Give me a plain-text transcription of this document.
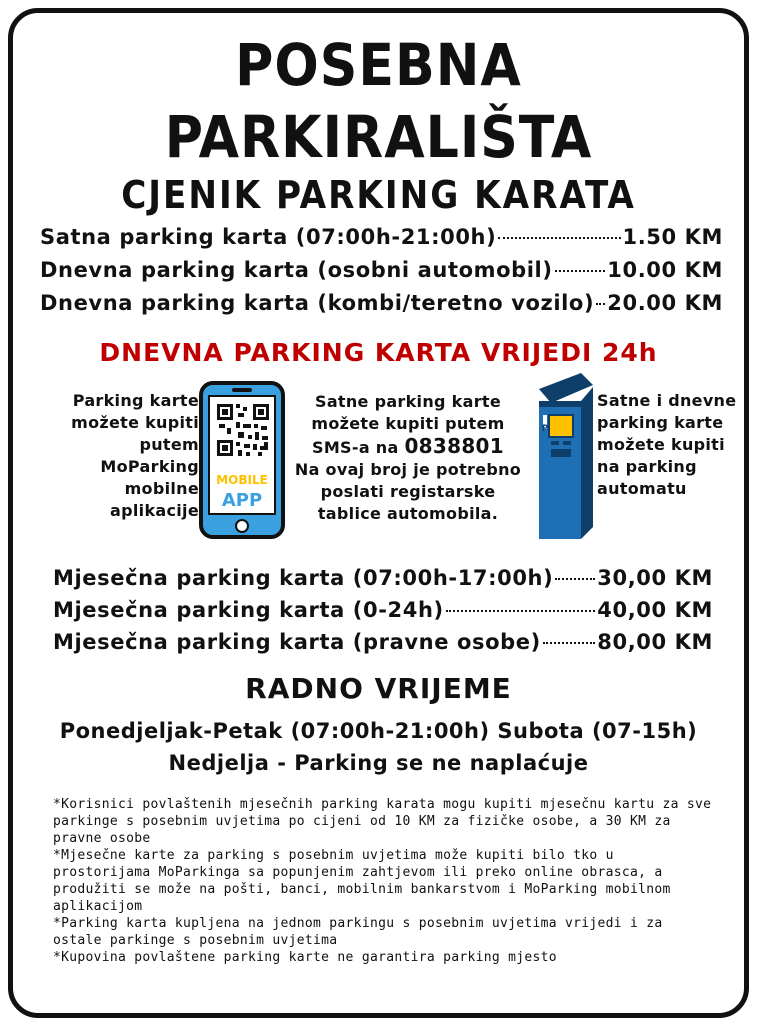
POSEBNA
PARKIRALIŠTA
CJENIK PARKING KARATA
Satna parking karta (07:00h-21:00h)	1.50 KM
Dnevna parking karta (osobni automobil)	10.00 KM
Dnevna parking karta (kombi/teretno vozilo) 20.00 KM
DNEVNA PARKING KARTA VRIJEDI 24h
Parking karte možete kupiti putem MoParking mobilne aplikacije
MOBILE
APP
Satne parking karte možete kupiti putem SMS-a na 0838801
Na ovaj broj je potrebno poslati registarske tablice automobila.
P
Satne i dnevne parking karte možete kupiti na parking automatu
Mjesečna parking karta (07:00h-17:00h) 30,00 KM
Mjesečna parking karta (0-24h)	40,00 KM
Mjesečna parking karta (pravne osobe)	80,00 KM
RADNO VRIJEME
Ponedjeljak-Petak (07:00h-21:00h) Subota (07-15h)
Nedjelja - Parking se ne naplaćuje

*Korisnici povlaštenih mjesečnih parking karata mogu kupiti mjesečnu kartu za sve parkinge s posebnim uvjetima po cijeni od 10 KM za fizičke osobe, a 30 KM za pravne osobe

*Mjesečne karte za parking s posebnim uvjetima može kupiti bilo tko u prostorijama MoParkinga sa popunjenim zahtjevom ili preko online obrasca, a produžiti se može na pošti, banci, mobilnim bankarstvom i MoParking mobilnom aplikacijom

*Parking karta kupljena na jednom parkingu s posebnim uvjetima vrijedi i za ostale parkinge s posebnim uvjetima

*Kupovina povlaštene parking karte ne garantira parking mjesto
